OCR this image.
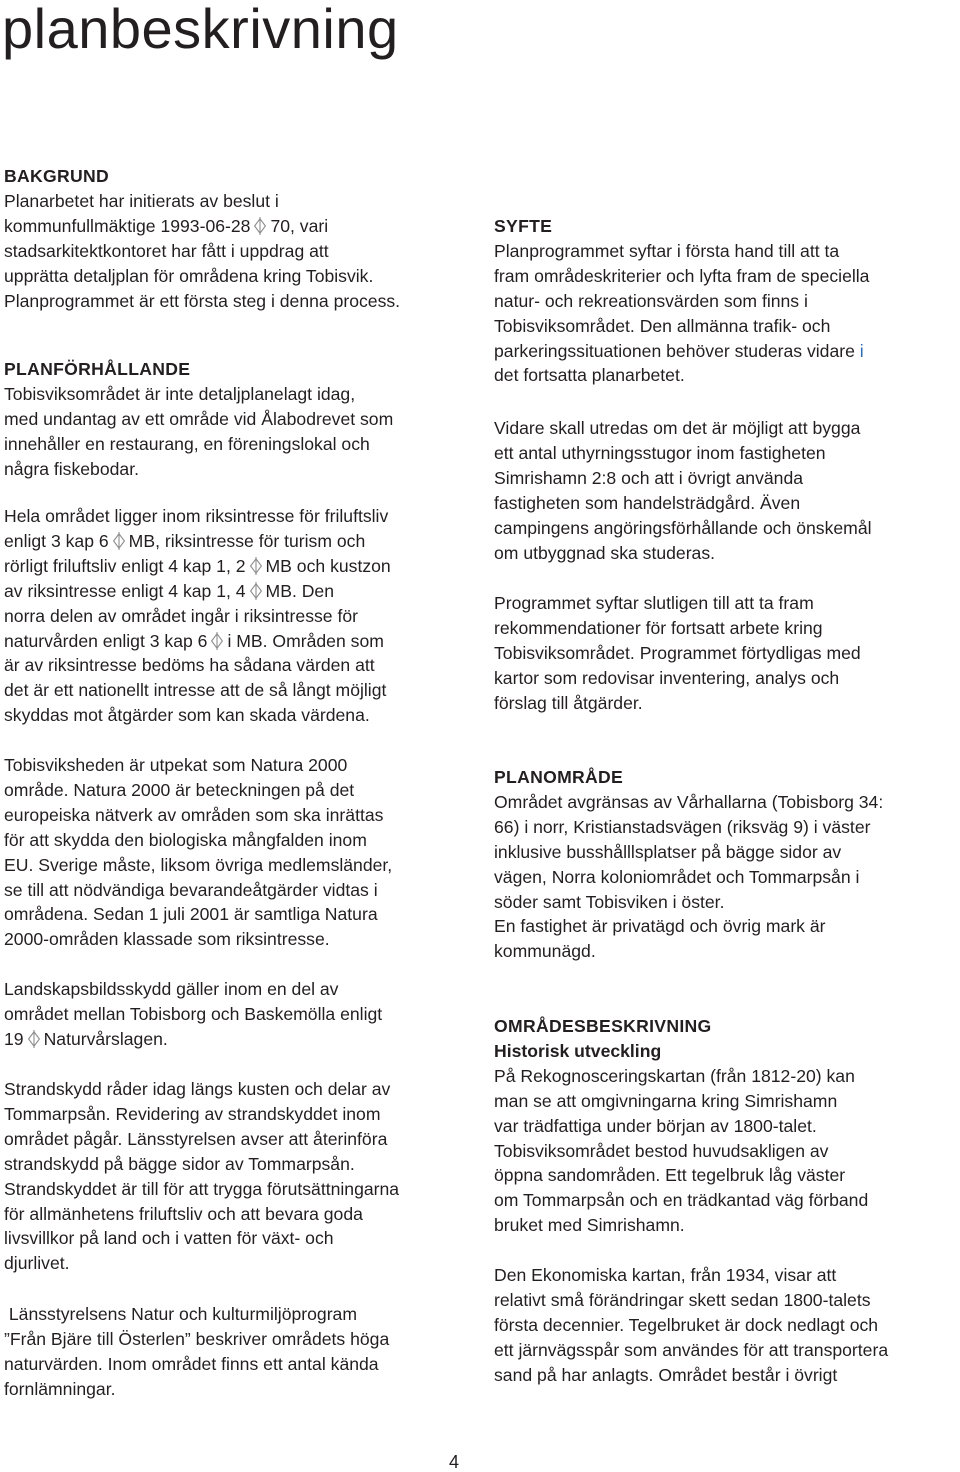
planbeskrivning

BAKGRUND
Planarbetet har initierats av beslut i
kommunfullmäktige 1993-06-28 70, vari
stadsarkitektkontoret har fått i uppdrag att
upprätta detaljplan för områdena kring Tobisvik.
Planprogrammet är ett första steg i denna process.

PLANFÖRHÅLLANDE
Tobisviksområdet är inte detaljplanelagt idag,
med undantag av ett område vid Ålabodrevet som
innehåller en restaurang, en föreningslokal och
några fiskebodar.

Hela området ligger inom riksintresse för friluftsliv
enligt 3 kap 6 MB, riksintresse för turism och
rörligt friluftsliv enligt 4 kap 1, 2 MB och kustzon
av riksintresse enligt 4 kap 1, 4 MB. Den
norra delen av området ingår i riksintresse för
naturvården enligt 3 kap 6 i MB. Områden som
är av riksintresse bedöms ha sådana värden att
det är ett nationellt intresse att de så långt möjligt
skyddas mot åtgärder som kan skada värdena.

Tobisviksheden är utpekat som Natura 2000
område. Natura 2000 är beteckningen på det
europeiska nätverk av områden som ska inrättas
för att skydda den biologiska mångfalden inom
EU. Sverige måste, liksom övriga medlemsländer,
se till att nödvändiga bevarandeåtgärder vidtas i
områdena. Sedan 1 juli 2001 är samtliga Natura
2000-områden klassade som riksintresse.

Landskapsbildsskydd gäller inom en del av
området mellan Tobisborg och Baskemölla enligt
19 Naturvårslagen.

Strandskydd råder idag längs kusten och delar av
Tommarpsån. Revidering av strandskyddet inom
området pågår. Länsstyrelsen avser att återinföra
strandskydd på bägge sidor av Tommarpsån.
Strandskyddet är till för att trygga förutsättningarna
för allmänhetens friluftsliv och att bevara goda
livsvillkor på land och i vatten för växt- och
djurlivet.

Länsstyrelsens Natur och kulturmiljöprogram
”Från Bjäre till Österlen” beskriver områdets höga
naturvärden. Inom området finns ett antal kända
fornlämningar.

SYFTE
Planprogrammet syftar i första hand till att ta
fram områdeskriterier och lyfta fram de speciella
natur- och rekreationsvärden som finns i
Tobisviksområdet. Den allmänna trafik- och
parkeringssituationen behöver studeras vidare i
det fortsatta planarbetet.

Vidare skall utredas om det är möjligt att bygga
ett antal uthyrningsstugor inom fastigheten
Simrishamn 2:8 och att i övrigt använda
fastigheten som handelsträdgård. Även
campingens angöringsförhållande och önskemål
om utbyggnad ska studeras.

Programmet syftar slutligen till att ta fram
rekommendationer för fortsatt arbete kring
Tobisviksområdet. Programmet förtydligas med
kartor som redovisar inventering, analys och
förslag till åtgärder.

PLANOMRÅDE
Området avgränsas av Vårhallarna (Tobisborg 34:
66) i norr, Kristianstadsvägen (riksväg 9) i väster
inklusive busshålllsplatser på bägge sidor av
vägen, Norra koloniområdet och Tommarpsån i
söder samt Tobisviken i öster.
En fastighet är privatägd och övrig mark är
kommunägd.

OMRÅDESBESKRIVNING
Historisk utveckling
På Rekognosceringskartan (från 1812-20) kan
man se att omgivningarna kring Simrishamn
var trädfattiga under början av 1800-talet.
Tobisviksområdet bestod huvudsakligen av
öppna sandområden. Ett tegelbruk låg väster
om Tommarpsån och en trädkantad väg förband
bruket med Simrishamn.

Den Ekonomiska kartan, från 1934, visar att
relativt små förändringar skett sedan 1800-talets
första decennier. Tegelbruket är dock nedlagt och
ett järnvägsspår som användes för att transportera
sand på har anlagts. Området består i övrigt

4
